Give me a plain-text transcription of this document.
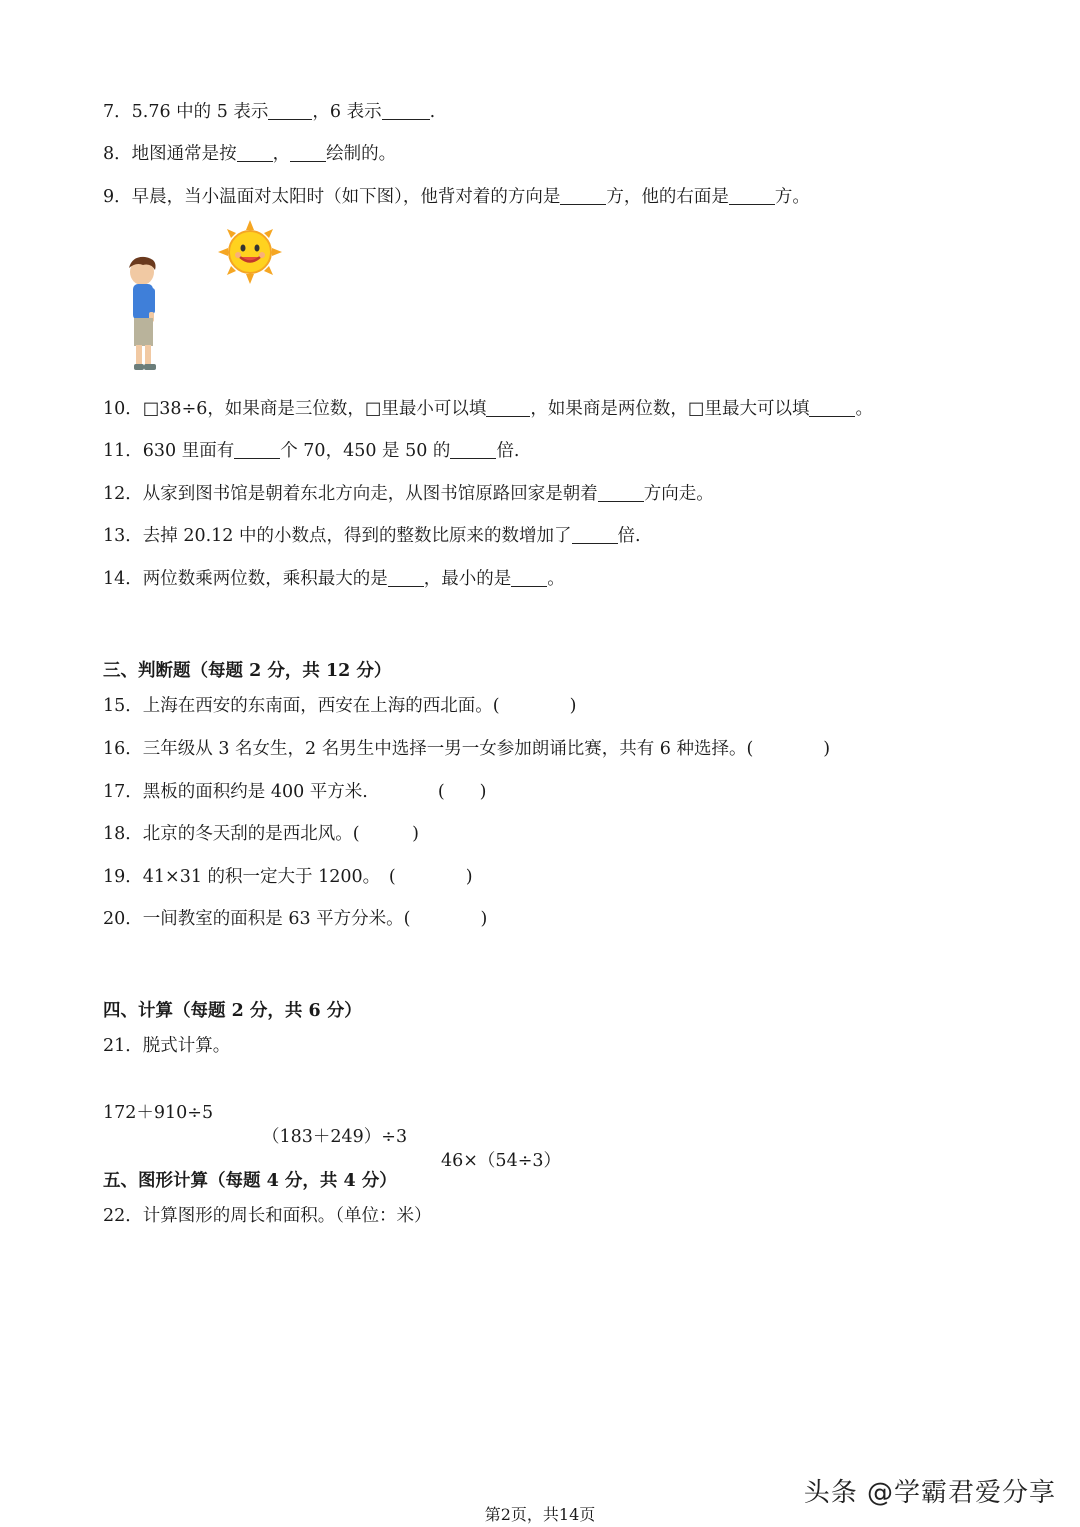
7．5.76 中的 5 表示	，6 表示	.
8．地图通常是按 ， 绘制的。
9．早晨，当小温面对太阳时（如下图），他背对着的方向是	方，他的右面是	方。
10．□38÷6，如果商是三位数，□里最小可以填	，如果商是两位数，□里最大可以填	。
11．630 里面有	个 70，450 是 50 的	倍.
12．从家到图书馆是朝着东北方向走，从图书馆原路回家是朝着	方向走。
13．去掉 20.12 中的小数点，得到的整数比原来的数增加了	倍.
14．两位数乘两位数，乘积最大的是 ，最小的是 。
三、判断题（每题 2 分，共 12 分）
15．上海在西安的东南面，西安在上海的西北面。(　　　　)
16．三年级从 3 名女生，2 名男生中选择一男一女参加朗诵比赛，共有 6 种选择。(　　　　)
17．黑板的面积约是 400 平方米.　　　　(　　)
18．北京的冬天刮的是西北风。(　　　)
19．41×31 的积一定大于 1200。　(　　　　)
20．一间教室的面积是 63 平方分米。(　　　　)
四、计算（每题 2 分，共 6 分）
21．脱式计算。

172＋910÷5

（183＋249）÷3

46×（54÷3）

五、图形计算（每题 4 分，共 4 分）
22．计算图形的周长和面积。（单位：米）
头条 @学霸君爱分享
第2页，共14页
